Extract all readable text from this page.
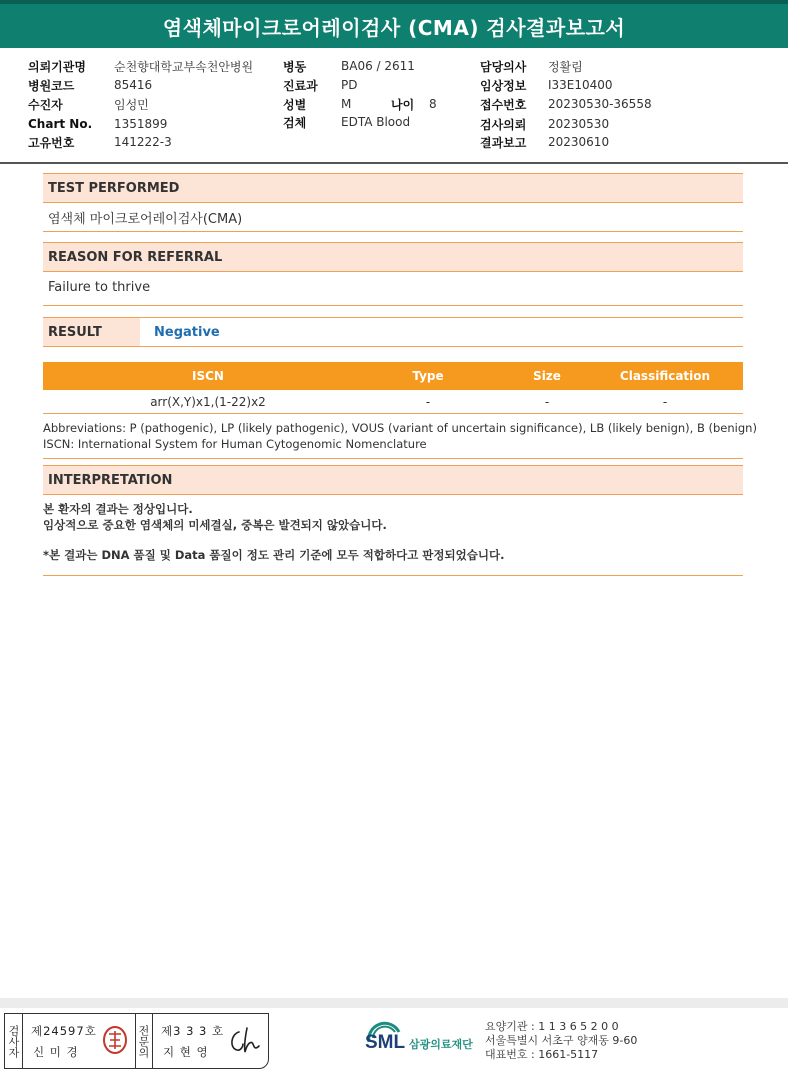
염색체마이크로어레이검사 (CMA) 검사결과보고서
의뢰기관명	순천향대학교부속천안병원
병원코드	85416
수진자	임성민
Chart No.	1351899
고유번호	141222-3
병동	BA06 / 2611
진료과	PD
성별	M	나이	8
검체	EDTA Blood
담당의사	정활림
임상정보	I33E10400
접수번호	20230530-36558
검사의뢰	20230530
결과보고	20230610
TEST PERFORMED
염색체 마이크로어레이검사(CMA)
REASON FOR REFERRAL
Failure to thrive
RESULT	Negative
ISCN	Type	Size	Classification
arr(X,Y)x1,(1-22)x2	-	-	-
Abbreviations: P (pathogenic), LP (likely pathogenic), VOUS (variant of uncertain significance), LB (likely benign), B (benign)
ISCN: International System for Human Cytogenomic Nomenclature
INTERPRETATION
본 환자의 결과는 정상입니다.
임상적으로 중요한 염색체의 미세결실, 중복은 발견되지 않았습니다.
*본 결과는 DNA 품질 및 Data 품질이 정도 관리 기준에 모두 적합하다고 판정되었습니다.
검사자 제24597호
신 미 경	전문의 제3 3 3 호
지 현 영	SML 삼광의료재단
요양기관 : 1 1 3 6 5 2 0 0
서울특별시 서초구 양재동 9-60
대표번호 : 1661-5117
